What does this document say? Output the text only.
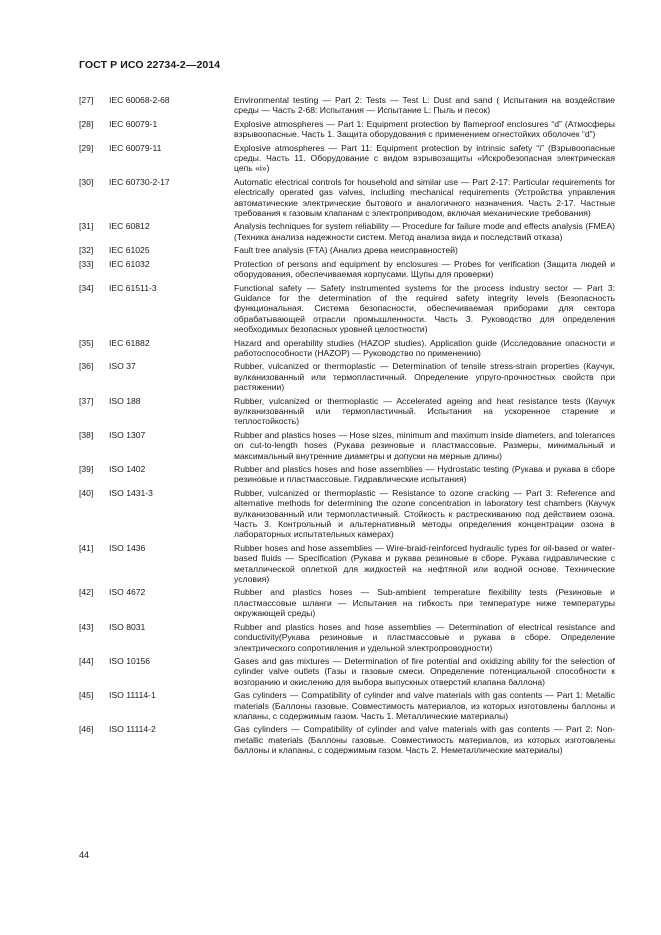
ГОСТ Р ИСО 22734-2—2014
[27]	IEC 60068-2-68	Environmental testing — Part 2: Tests — Test L: Dust and sand ( Испытания на воздействие среды — Часть 2-68: Испытания — Испытание L: Пыль и песок)
[28]	IEC 60079-1	Explosive atmospheres — Part 1: Equipment protection by flameproof enclosures “d” (Атмосферы взрывоопасные. Часть 1. Защита оборудования с применением огнестойких оболочек “d”)
[29]	IEC 60079-11	Explosive atmospheres — Part 11: Equipment protection by intrinsic safety “i” (Взрывоопасные среды. Часть 11. Оборудование с видом взрывозащиты «Искробезопасная электрическая цепь «i»)
[30]	IEC 60730-2-17	Automatic electrical controls for household and similar use — Part 2-17: Particular requirements for electrically operated gas valves, including mechanical requirements (Устройства управления автоматические электрические бытового и аналогичного назначения. Часть 2-17. Частные требования к газовым клапанам с электроприводом, включая механические требования)
[31]	IEC 60812	Analysis techniques for system reliability — Procedure for failure mode and effects analysis (FMEA) (Техника анализа надежности систем. Метод анализа вида и последствий отказа)
[32]	IEC 61025	Fault tree analysis (FTA) (Анализ древа неисправностей)
[33]	IEC 61032	Protection of persons and equipment by enclosures — Probes for verification (Защита людей и оборудования, обеспечиваемая корпусами. Щупы для проверки)
[34]	IEC 61511-3	Functional safety — Safety instrumented systems for the process industry sector — Part 3: Guidance for the determination of the required safety integrity levels (Безопасность функциональная. Система безопасности, обеспечиваемая приборами для сектора обрабатывающей отрасли промышленности. Часть 3. Руководство для определения необходимых безопасных уровней целостности)
[35]	IEC 61882	Hazard and operability studies (HAZOP studies). Application guide (Исследование опасности и работоспособности (HAZOP) — Руководство по применению)
[36]	ISO 37	Rubber, vulcanized or thermoplastic — Determination of tensile stress-strain properties (Каучук, вулканизованный или термопластичный. Определение упруго-прочностных свойств при растяжении)
[37]	ISO 188	Rubber, vulcanized or thermoplastic — Accelerated ageing and heat resistance tests (Каучук вулканизованный или термопластичный. Испытания на ускоренное старение и теплостойкость)
[38]	ISO 1307	Rubber and plastics hoses — Hose sizes, minimum and maximum inside diameters, and tolerances on cut-to-length hoses (Рукава резиновые и пластмассовые. Размеры, минимальный и максимальный внутренние диаметры и допуски на мерные длины)
[39]	ISO 1402	Rubber and plastics hoses and hose assemblies — Hydrostatic testing (Рукава и рукава в сборе резиновые и пластмассовые. Гидравлические испытания)
[40]	ISO 1431-3	Rubber, vulcanized or thermoplastic — Resistance to ozone cracking — Part 3: Reference and alternative methods for determining the ozone concentration in laboratory test chambers (Каучук вулканизованный или термопластичный. Стойкость к растрескиванию под действием озона. Часть 3. Контрольный и альтернативный методы определения концентрации озона в лабораторных испытательных камерах)
[41]	ISO 1436	Rubber hoses and hose assemblies — Wire-braid-reinforced hydraulic types for oil-based or water-based fluids — Specification (Рукава и рукава резиновые в сборе. Рукава гидравлические с металлической оплеткой для жидкостей на нефтяной или водной основе. Технические условия)
[42]	ISO 4672	Rubber and plastics hoses — Sub-ambient temperature flexibility tests (Резиновые и пластмассовые шланги — Испытания на гибкость при температуре ниже температуры окружающей среды)
[43]	ISO 8031	Rubber and plastics hoses and hose assemblies — Determination of electrical resistance and conductivity(Рукава резиновые и пластмассовые и рукава в сборе. Определение электрического сопротивления и удельной электропроводности)
[44]	ISO 10156	Gases and gas mixtures — Determination of fire potential and oxidizing ability for the selection of cylinder valve outlets (Газы и газовые смеси. Определение потенциальной способности к возгоранию и окислению для выбора выпускных отверстий клапана баллона)
[45]	ISO 11114-1	Gas cylinders — Compatibility of cylinder and valve materials with gas contents — Part 1: Metallic materials (Баллоны газовые. Совместимость материалов, из которых изготовлены баллоны и клапаны, с содержимым газом. Часть 1. Металлические материалы)
[46]	ISO 11114-2	Gas cylinders — Compatibility of cylinder and valve materials with gas contents — Part 2: Non-metallic materials (Баллоны газовые. Совместимость материалов, из которых изготовлены баллоны и клапаны, с содержимым газом. Часть 2. Неметаллические материалы)
44
